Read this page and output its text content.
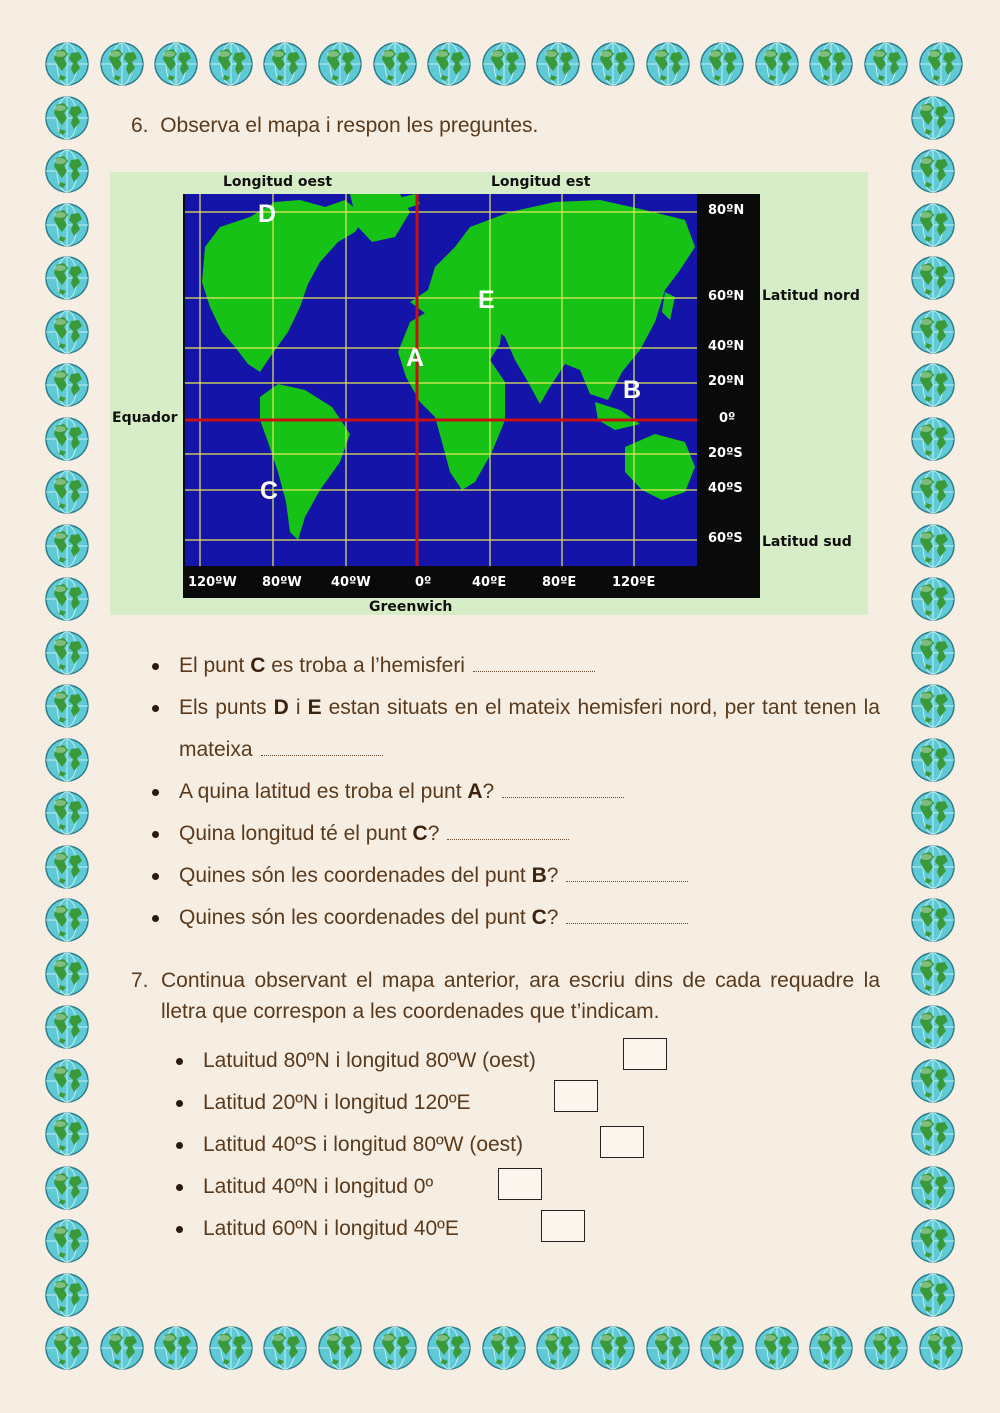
6. Observa el mapa i respon les preguntes.
Longitud oest	Longitud est
Equador
Greenwich
Latitud nord
Latitud sud
80ºN
60ºN
40ºN
20ºN
0º
20ºS
40ºS
60ºS
120ºW 80ºW 40ºW	0º	40ºE	80ºE	120ºE
D
E
A
B
C
El punt C es troba a l’hemisferi
Els punts D i E estan situats en el mateix hemisferi nord, per tant tenen la mateixa
A quina latitud es troba el punt A?
Quina longitud té el punt C?
Quines són les coordenades del punt B?
Quines són les coordenades del punt C?
7. Continua observant el mapa anterior, ara escriu dins de cada requadre la lletra que correspon a les coordenades que t’indicam.
Latuitud 80ºN i longitud 80ºW (oest)
Latitud 20ºN i longitud 120ºE
Latitud 40ºS i longitud 80ºW (oest)
Latitud 40ºN i longitud 0º
Latitud 60ºN i longitud 40ºE
